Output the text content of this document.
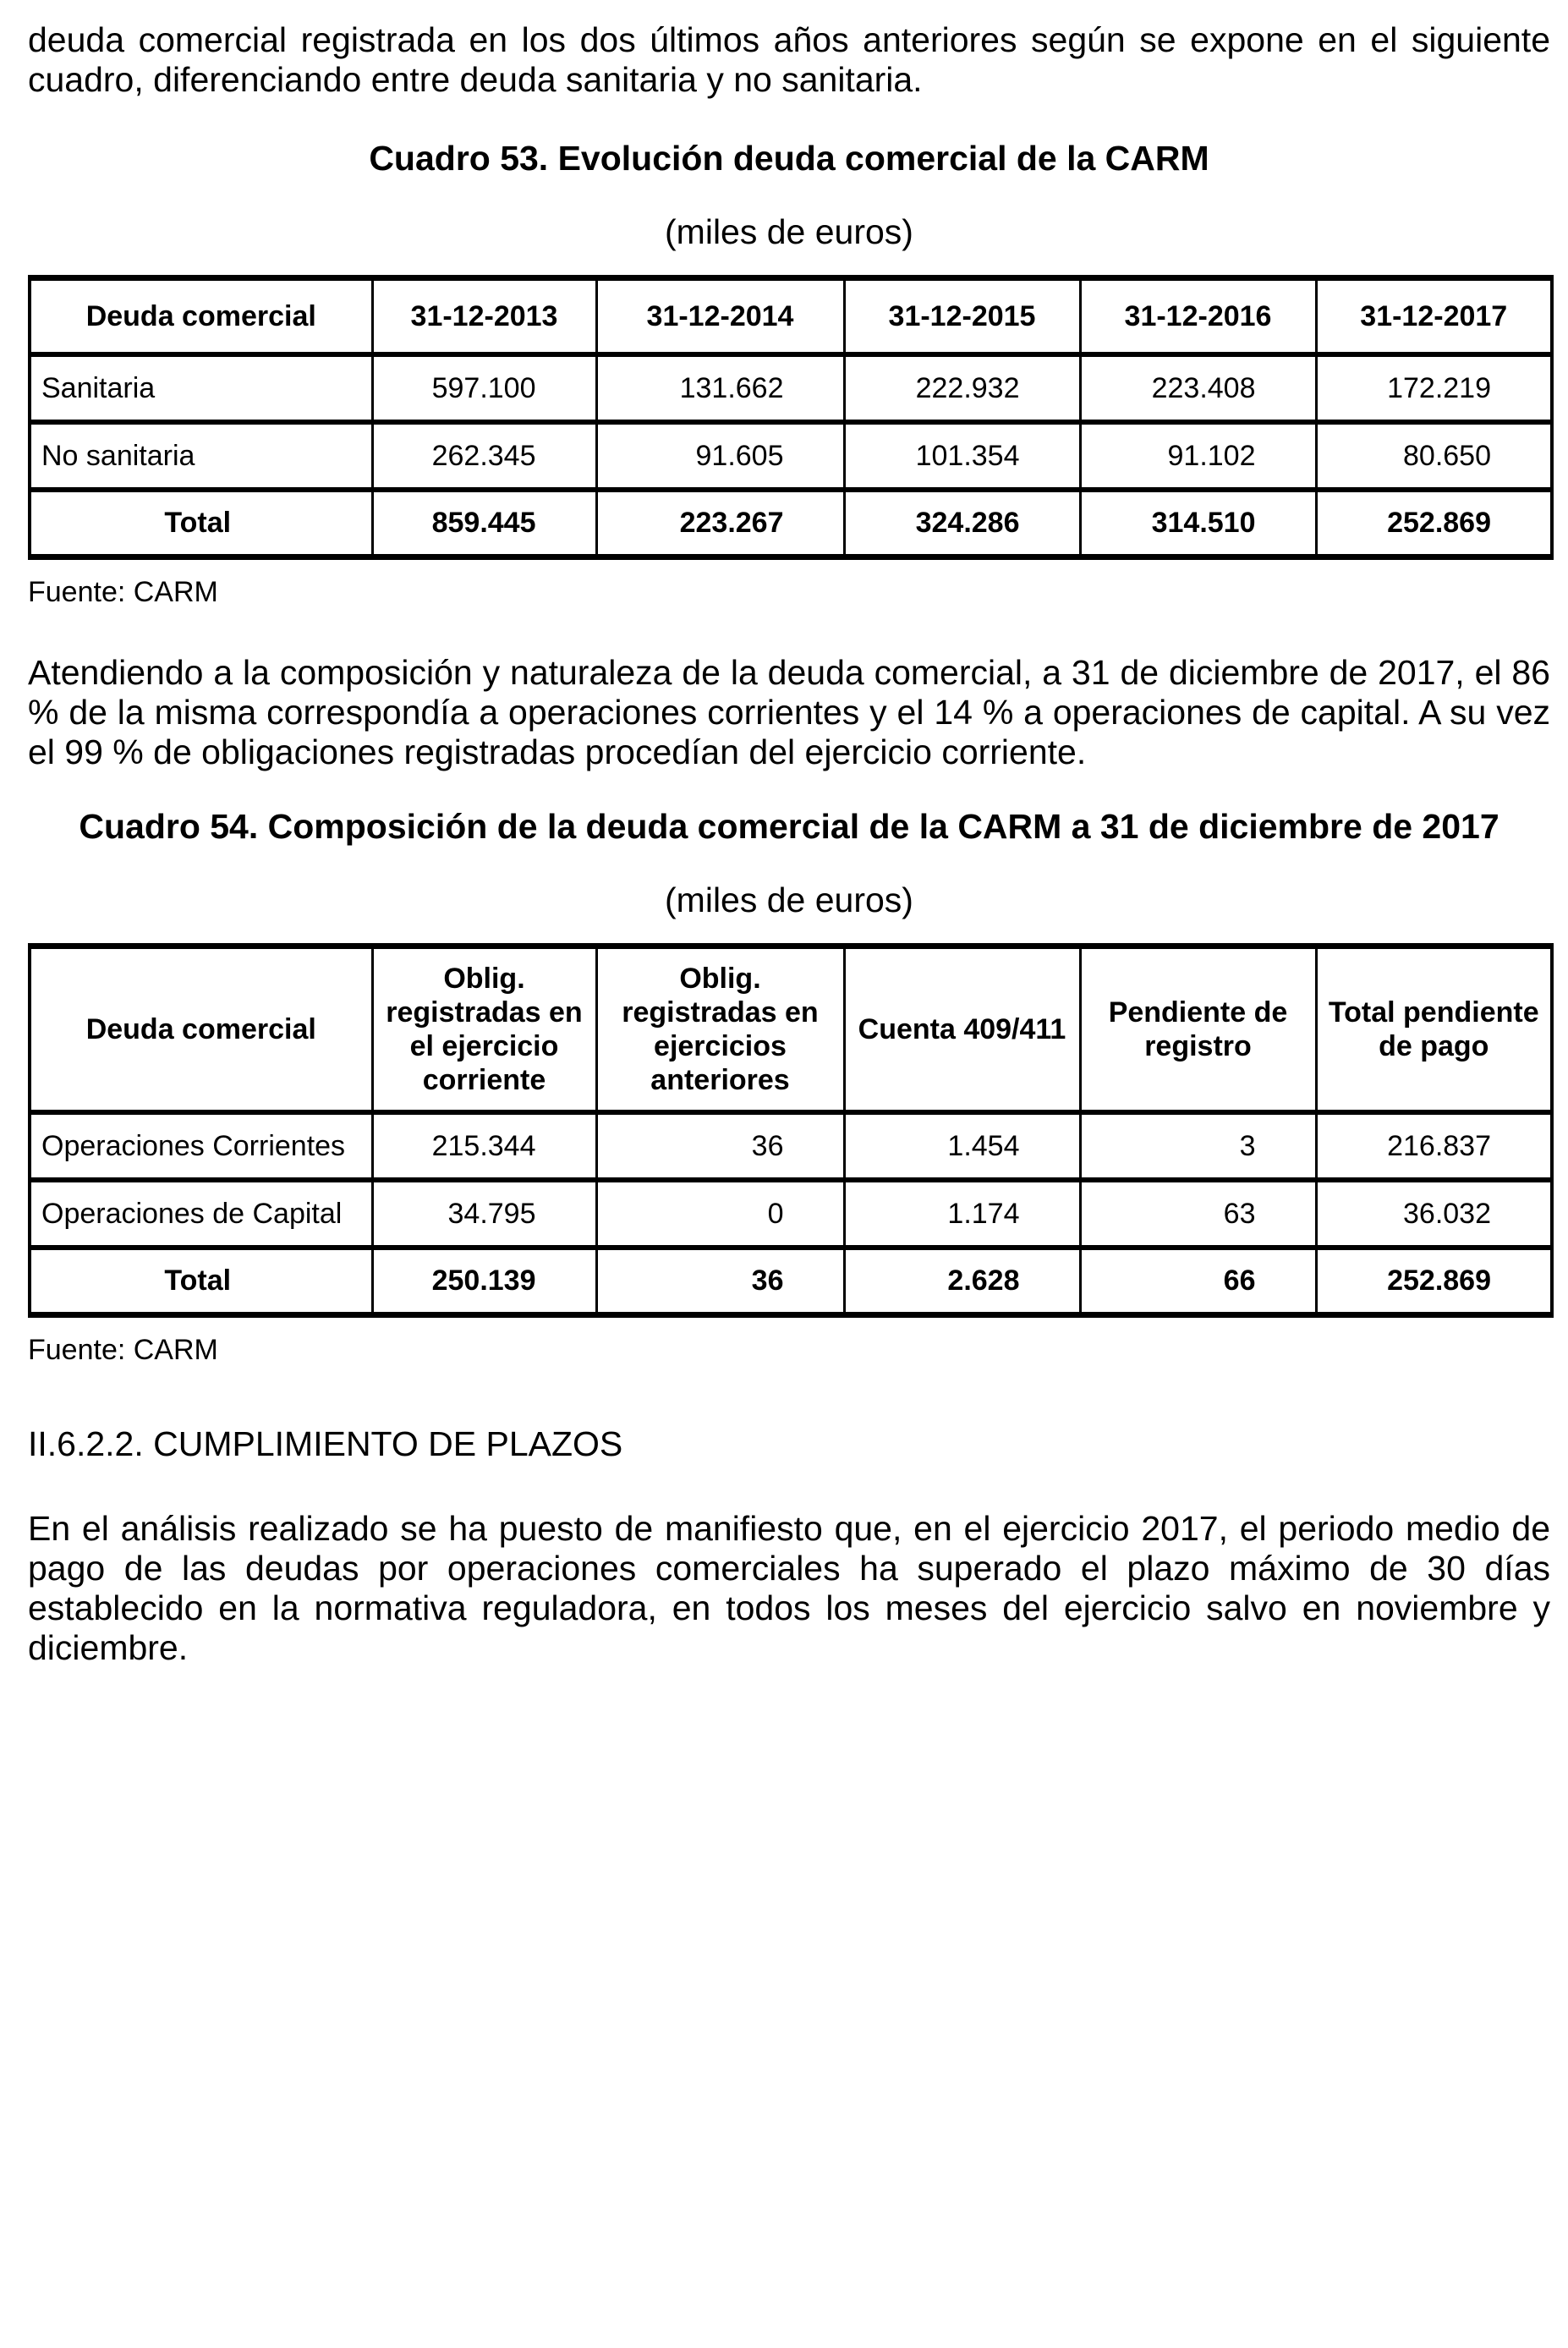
deuda comercial registrada en los dos últimos años anteriores según se expone en el siguiente cuadro, diferenciando entre deuda sanitaria y no sanitaria.

Cuadro 53. Evolución deuda comercial de la CARM
(miles de euros)
Deuda comercial	31-12-2013	31-12-2014	31-12-2015	31-12-2016	31-12-2017
Sanitaria	597.100	131.662	222.932	223.408	172.219
No sanitaria	262.345	91.605	101.354	91.102	80.650
Total	859.445	223.267	324.286	314.510	252.869
Fuente: CARM

Atendiendo a la composición y naturaleza de la deuda comercial, a 31 de diciembre de 2017, el 86 % de la misma correspondía a operaciones corrientes y el 14 % a operaciones de capital. A su vez el 99 % de obligaciones registradas procedían del ejercicio corriente.

Cuadro 54. Composición de la deuda comercial de la CARM a 31 de diciembre de 2017
(miles de euros)
Deuda comercial	Oblig. registradas en el ejercicio corriente	Oblig. registradas en ejercicios anteriores	Cuenta 409/411	Pendiente de registro	Total pendiente de pago
Operaciones Corrientes	215.344	36	1.454	3	216.837
Operaciones de Capital	34.795	0	1.174	63	36.032
Total	250.139	36	2.628	66	252.869
Fuente: CARM
II.6.2.2. CUMPLIMIENTO DE PLAZOS

En el análisis realizado se ha puesto de manifiesto que, en el ejercicio 2017, el periodo medio de pago de las deudas por operaciones comerciales ha superado el plazo máximo de 30 días establecido en la normativa reguladora, en todos los meses del ejercicio salvo en noviembre y diciembre.
